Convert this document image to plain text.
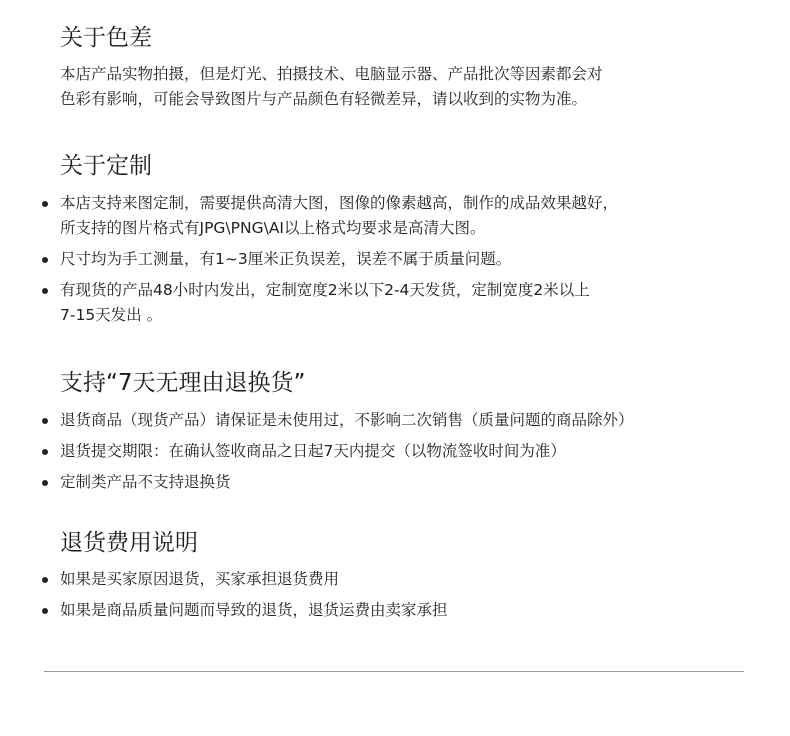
关于色差

本店产品实物拍摄，但是灯光、拍摄技术、电脑显示器、产品批次等因素都会对
色彩有影响，可能会导致图片与产品颜色有轻微差异，请以收到的实物为准。

关于定制
本店支持来图定制，需要提供高清大图，图像的像素越高，制作的成品效果越好，
所支持的图片格式有JPG\PNG\AI以上格式均要求是高清大图。
尺寸均为手工测量，有1~3厘米正负误差，误差不属于质量问题。
有现货的产品48小时内发出，定制宽度2米以下2-4天发货，定制宽度2米以上
7-15天发出 。
支持“7天无理由退换货”
退货商品（现货产品）请保证是未使用过，不影响二次销售（质量问题的商品除外）
退货提交期限：在确认签收商品之日起7天内提交（以物流签收时间为准）
定制类产品不支持退换货
退货费用说明
如果是买家原因退货，买家承担退货费用
如果是商品质量问题而导致的退货，退货运费由卖家承担
